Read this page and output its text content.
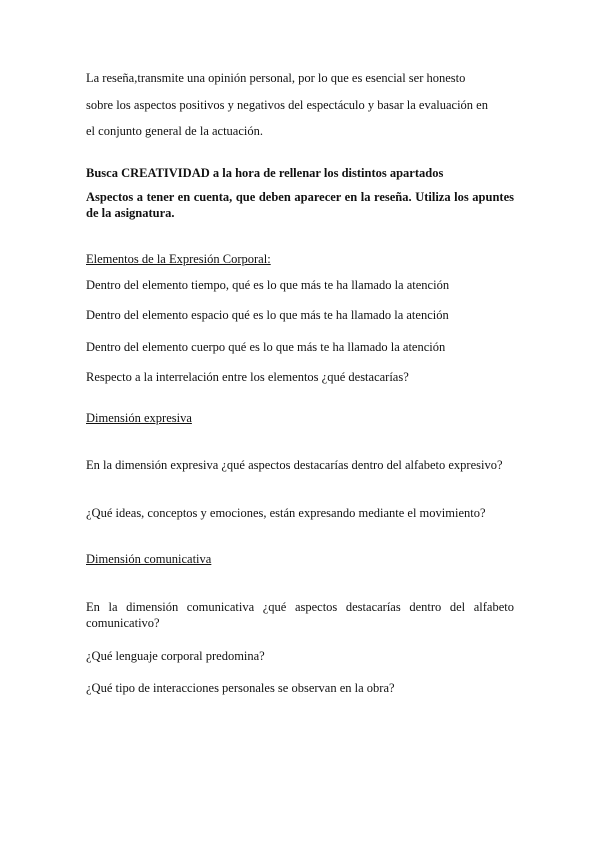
La reseña,transmite una opinión personal, por lo que es esencial ser honesto

sobre los aspectos positivos y negativos del espectáculo y basar la evaluación en

el conjunto general de la actuación.

Busca CREATIVIDAD a la hora de rellenar los distintos apartados

Aspectos a tener en cuenta, que deben aparecer en la reseña. Utiliza los apuntes de la asignatura.

Elementos de la Expresión Corporal:

Dentro del elemento tiempo, qué es lo que más te ha llamado la atención

Dentro del elemento espacio qué es lo que más te ha llamado la atención

Dentro del elemento cuerpo qué es lo que más te ha llamado la atención

Respecto a la interrelación entre los elementos ¿qué destacarías?

Dimensión expresiva

En la dimensión expresiva ¿qué aspectos destacarías dentro del alfabeto expresivo?

¿Qué ideas, conceptos y emociones, están expresando mediante el movimiento?

Dimensión comunicativa

En la dimensión comunicativa ¿qué aspectos destacarías dentro del alfabeto comunicativo?

¿Qué lenguaje corporal predomina?

¿Qué tipo de interacciones personales se observan en la obra?
